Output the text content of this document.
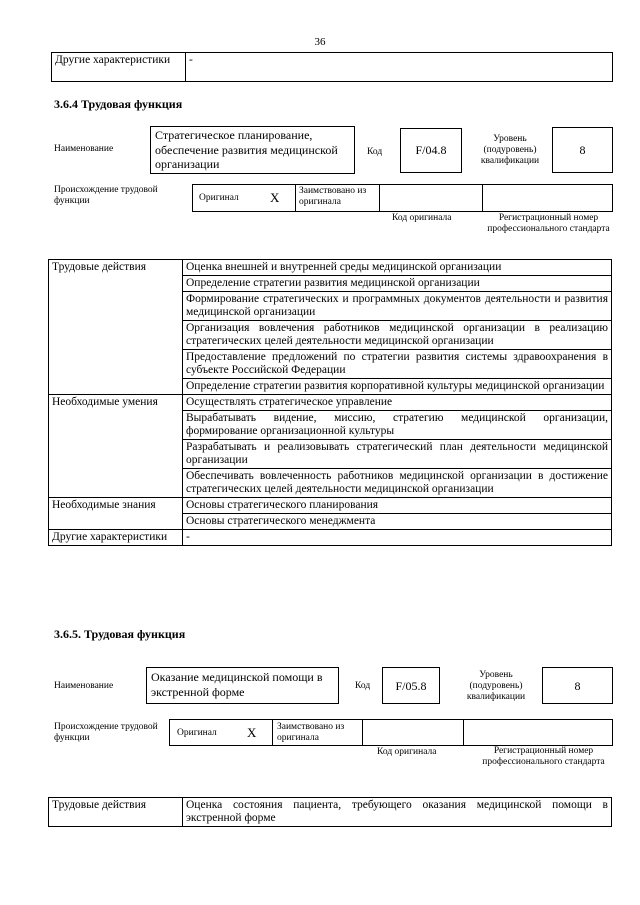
36
Другие характеристики	-
3.6.4 Трудовая функция
Наименование
Стратегическое планирование, обеспечение развития медицинской организации
Код	F/04.8
Уровень (подуровень) квалификации
8
Происхождение трудовой функции	Оригинал X Заимствовано из оригинала
Код оригинала	Регистрационный номер профессионального стандарта
Трудовые действия	Оценка внешней и внутренней среды медицинской организации
	Определение стратегии развития медицинской организации
	Формирование стратегических и программных документов деятельности и развития медицинской организации
	Организация вовлечения работников медицинской организации в реализацию стратегических целей деятельности медицинской организации
	Предоставление предложений по стратегии развития системы здравоохранения в субъекте Российской Федерации
	Определение стратегии развития корпоративной культуры медицинской организации
Необходимые умения	Осуществлять стратегическое управление
	Вырабатывать видение, миссию, стратегию медицинской организации, формирование организационной культуры
	Разрабатывать и реализовывать стратегический план деятельности медицинской организации
	Обеспечивать вовлеченность работников медицинской организации в достижение стратегических целей деятельности медицинской организации
Необходимые знания	Основы стратегического планирования
	Основы стратегического менеджмента
Другие характеристики	-
3.6.5. Трудовая функция
Наименование
Оказание медицинской помощи в экстренной форме	Код	F/05.8
Уровень (подуровень) квалификации
8
Происхождение трудовой функции	Оригинал X Заимствовано из оригинала
Код оригинала	Регистрационный номер профессионального стандарта
Трудовые действия	Оценка состояния пациента, требующего оказания медицинской помощи в экстренной форме
